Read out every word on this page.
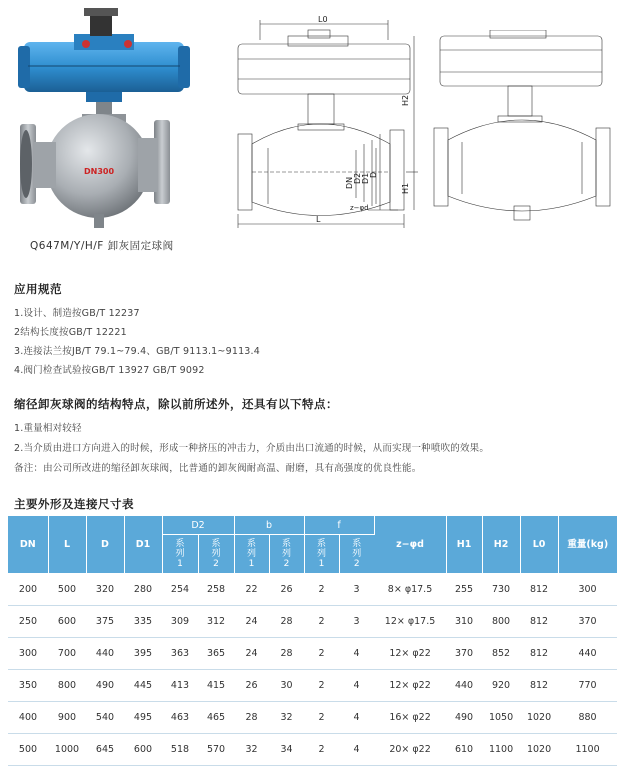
DN300
L0
H2
H1
DN D2 D1 D
z−φd
L
Q647M/Y/H/F 卸灰固定球阀
应用规范
1.设计、制造按GB/T 12237
2结构长度按GB/T 12221
3.连接法兰按JB/T 79.1~79.4、GB/T 9113.1~9113.4
4.阀门检查试验按GB/T 13927 GB/T 9092
缩径卸灰球阀的结构特点，除以前所述外，还具有以下特点：
1.重量相对较轻
2.当介质由进口方向进入的时候，形成一种挤压的冲击力，介质由出口流通的时候，从而实现一种喷吹的效果。
备注：由公司所改进的缩径卸灰球阀，比普通的卸灰阀耐高温、耐磨，具有高强度的优良性能。
主要外形及连接尺寸表
DN	L	D	D1	D2		b		f		z−φd	H1	H2	L0	重量(kg)
				系列1	系列2	系列1	系列2	系列1	系列2					
200	500	320	280	254	258	22	26	2	3	8× φ17.5	255	730	812	300
250	600	375	335	309	312	24	28	2	3	12× φ17.5	310	800	812	370
300	700	440	395	363	365	24	28	2	4	12× φ22	370	852	812	440
350	800	490	445	413	415	26	30	2	4	12× φ22	440	920	812	770
400	900	540	495	463	465	28	32	2	4	16× φ22	490	1050	1020	880
500	1000	645	600	518	570	32	34	2	4	20× φ22	610	1100	1020	1100
